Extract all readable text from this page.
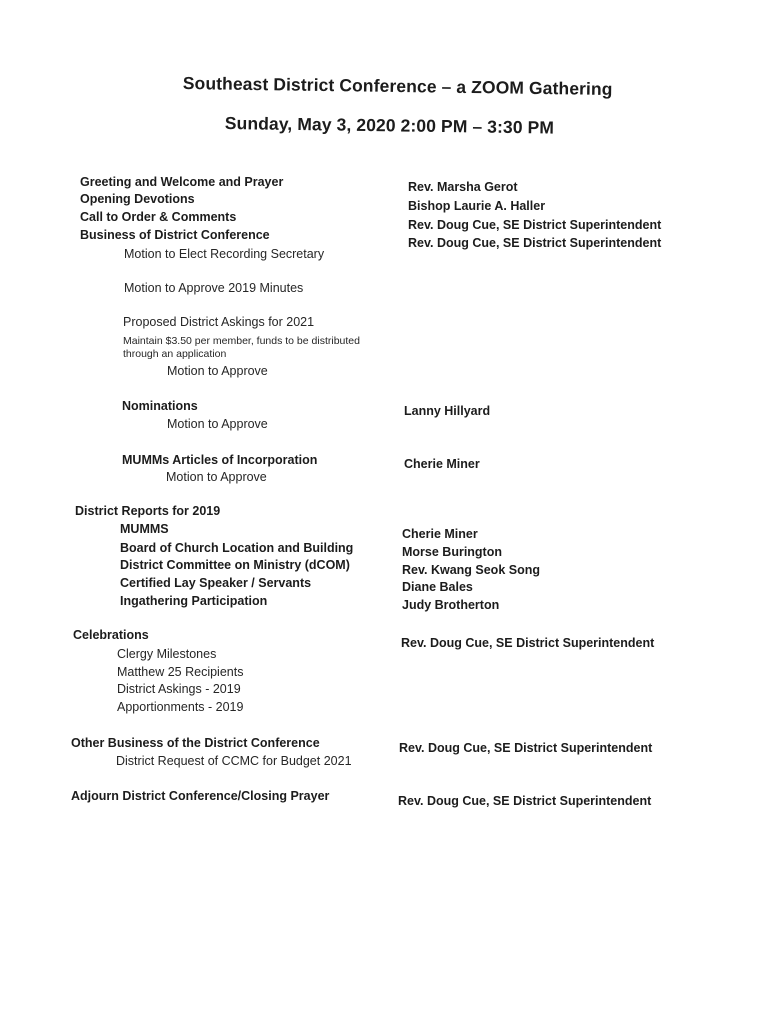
Southeast District Conference – a ZOOM Gathering
Sunday, May 3, 2020 2:00 PM – 3:30 PM
Greeting and Welcome and Prayer
Opening Devotions
Call to Order & Comments
Business of District Conference
Motion to Elect Recording Secretary
Motion to Approve 2019 Minutes
Rev. Marsha Gerot
Bishop Laurie A. Haller
Rev. Doug Cue, SE District Superintendent
Rev. Doug Cue, SE District Superintendent
Proposed District Askings for 2021
Maintain $3.50 per member, funds to be distributed
through an application
Motion to Approve
Nominations
Motion to Approve
Lanny Hillyard
MUMMs Articles of Incorporation
Motion to Approve
Cherie Miner
District Reports for 2019
MUMMS
Board of Church Location and Building
District Committee on Ministry (dCOM)
Certified Lay Speaker / Servants
Ingathering Participation
Cherie Miner
Morse Burington
Rev. Kwang Seok Song
Diane Bales
Judy Brotherton
Celebrations
Clergy Milestones
Matthew 25 Recipients
District Askings - 2019
Apportionments - 2019
Rev. Doug Cue, SE District Superintendent
Other Business of the District Conference
District Request of CCMC for Budget 2021
Rev. Doug Cue, SE District Superintendent
Adjourn District Conference/Closing Prayer	Rev. Doug Cue, SE District Superintendent
